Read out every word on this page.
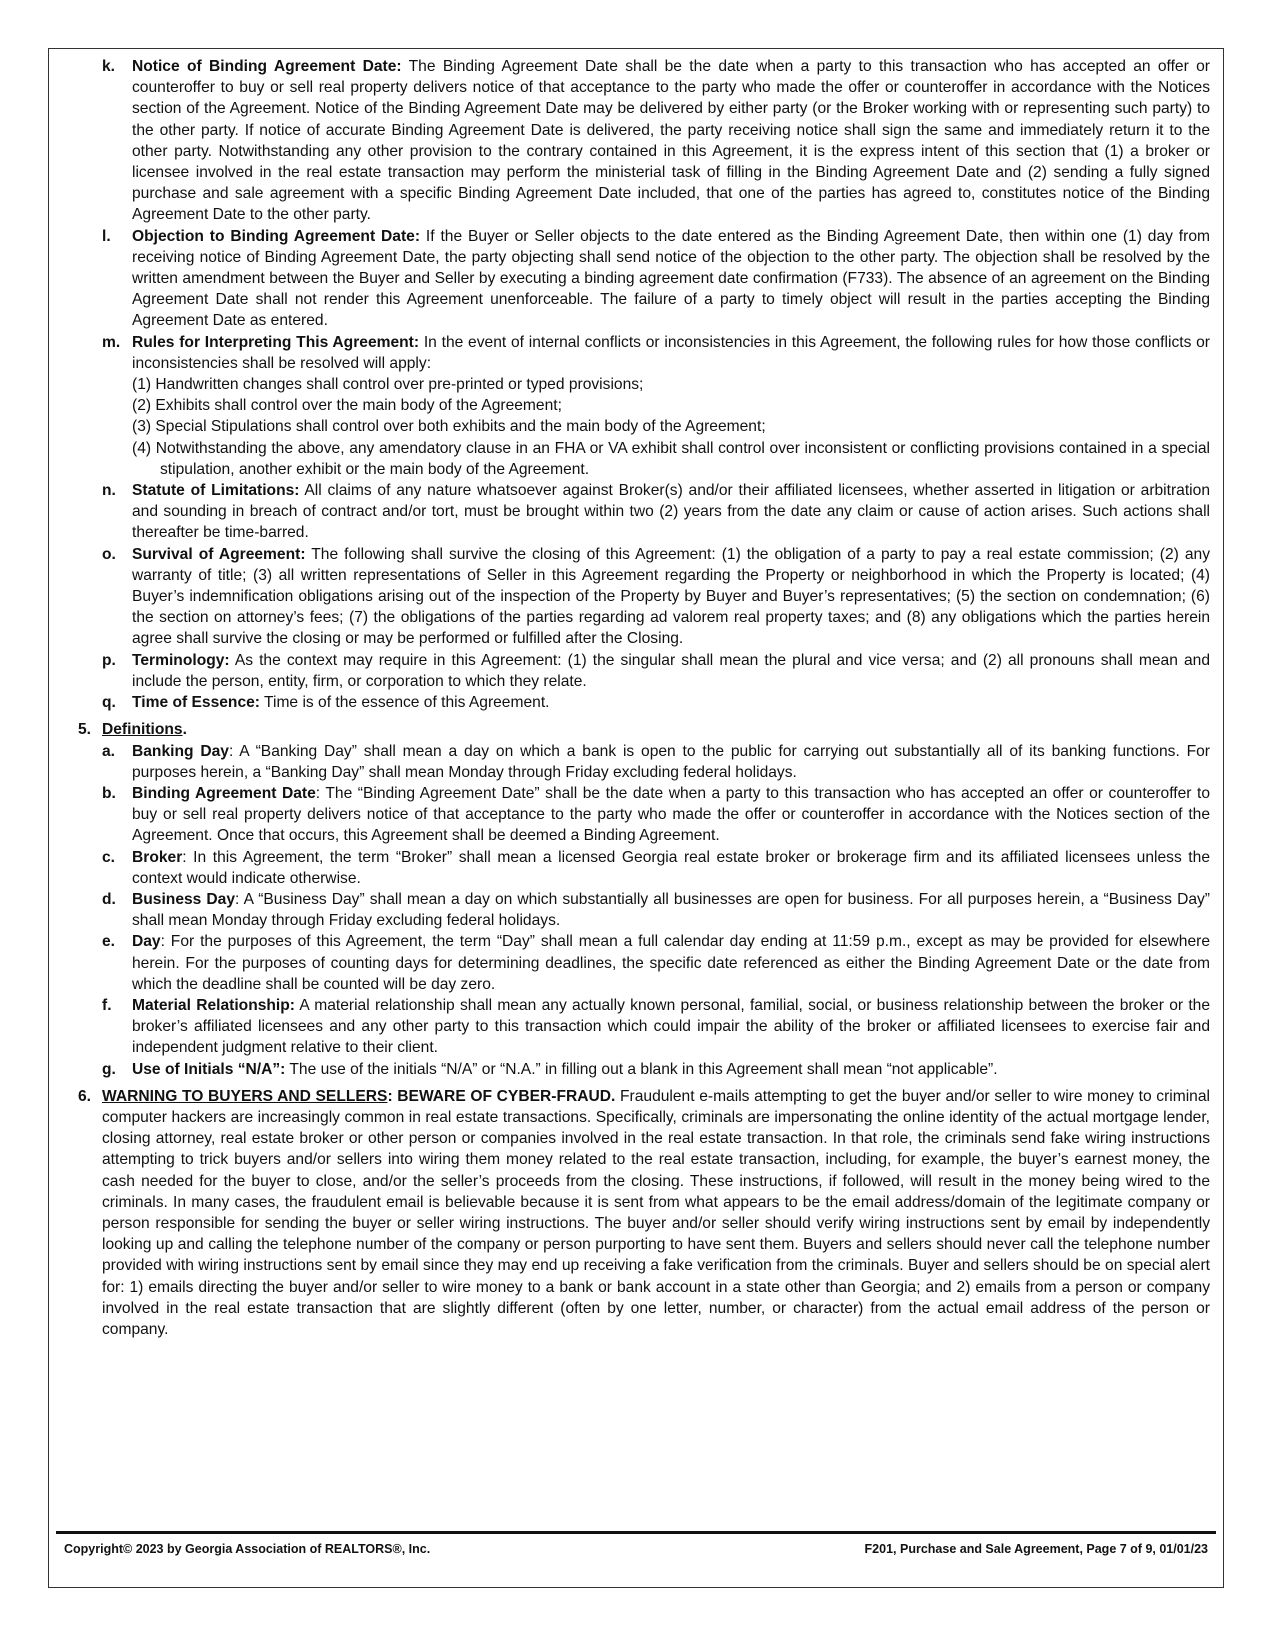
k. Notice of Binding Agreement Date: The Binding Agreement Date shall be the date when a party to this transaction who has accepted an offer or counteroffer to buy or sell real property delivers notice of that acceptance to the party who made the offer or counteroffer in accordance with the Notices section of the Agreement. Notice of the Binding Agreement Date may be delivered by either party (or the Broker working with or representing such party) to the other party. If notice of accurate Binding Agreement Date is delivered, the party receiving notice shall sign the same and immediately return it to the other party. Notwithstanding any other provision to the contrary contained in this Agreement, it is the express intent of this section that (1) a broker or licensee involved in the real estate transaction may perform the ministerial task of filling in the Binding Agreement Date and (2) sending a fully signed purchase and sale agreement with a specific Binding Agreement Date included, that one of the parties has agreed to, constitutes notice of the Binding Agreement Date to the other party.
l. Objection to Binding Agreement Date: If the Buyer or Seller objects to the date entered as the Binding Agreement Date, then within one (1) day from receiving notice of Binding Agreement Date, the party objecting shall send notice of the objection to the other party. The objection shall be resolved by the written amendment between the Buyer and Seller by executing a binding agreement date confirmation (F733). The absence of an agreement on the Binding Agreement Date shall not render this Agreement unenforceable. The failure of a party to timely object will result in the parties accepting the Binding Agreement Date as entered.
m. Rules for Interpreting This Agreement: In the event of internal conflicts or inconsistencies in this Agreement, the following rules for how those conflicts or inconsistencies shall be resolved will apply:
(1) Handwritten changes shall control over pre-printed or typed provisions;
(2) Exhibits shall control over the main body of the Agreement;
(3) Special Stipulations shall control over both exhibits and the main body of the Agreement;
(4) Notwithstanding the above, any amendatory clause in an FHA or VA exhibit shall control over inconsistent or conflicting provisions contained in a special stipulation, another exhibit or the main body of the Agreement.
n. Statute of Limitations: All claims of any nature whatsoever against Broker(s) and/or their affiliated licensees, whether asserted in litigation or arbitration and sounding in breach of contract and/or tort, must be brought within two (2) years from the date any claim or cause of action arises. Such actions shall thereafter be time-barred.
o. Survival of Agreement: The following shall survive the closing of this Agreement: (1) the obligation of a party to pay a real estate commission; (2) any warranty of title; (3) all written representations of Seller in this Agreement regarding the Property or neighborhood in which the Property is located; (4) Buyer’s indemnification obligations arising out of the inspection of the Property by Buyer and Buyer’s representatives; (5) the section on condemnation; (6) the section on attorney’s fees; (7) the obligations of the parties regarding ad valorem real property taxes; and (8) any obligations which the parties herein agree shall survive the closing or may be performed or fulfilled after the Closing.
p. Terminology: As the context may require in this Agreement: (1) the singular shall mean the plural and vice versa; and (2) all pronouns shall mean and include the person, entity, firm, or corporation to which they relate.
q. Time of Essence: Time is of the essence of this Agreement.
5. Definitions.
a. Banking Day: A “Banking Day” shall mean a day on which a bank is open to the public for carrying out substantially all of its banking functions. For purposes herein, a “Banking Day” shall mean Monday through Friday excluding federal holidays.
b. Binding Agreement Date: The “Binding Agreement Date” shall be the date when a party to this transaction who has accepted an offer or counteroffer to buy or sell real property delivers notice of that acceptance to the party who made the offer or counteroffer in accordance with the Notices section of the Agreement. Once that occurs, this Agreement shall be deemed a Binding Agreement.
c. Broker: In this Agreement, the term “Broker” shall mean a licensed Georgia real estate broker or brokerage firm and its affiliated licensees unless the context would indicate otherwise.
d. Business Day: A “Business Day” shall mean a day on which substantially all businesses are open for business. For all purposes herein, a “Business Day” shall mean Monday through Friday excluding federal holidays.
e. Day: For the purposes of this Agreement, the term “Day” shall mean a full calendar day ending at 11:59 p.m., except as may be provided for elsewhere herein. For the purposes of counting days for determining deadlines, the specific date referenced as either the Binding Agreement Date or the date from which the deadline shall be counted will be day zero.
f. Material Relationship: A material relationship shall mean any actually known personal, familial, social, or business relationship between the broker or the broker’s affiliated licensees and any other party to this transaction which could impair the ability of the broker or affiliated licensees to exercise fair and independent judgment relative to their client.
g. Use of Initials “N/A”: The use of the initials “N/A” or “N.A.” in filling out a blank in this Agreement shall mean “not applicable”.
6. WARNING TO BUYERS AND SELLERS: BEWARE OF CYBER-FRAUD. Fraudulent e-mails attempting to get the buyer and/or seller to wire money to criminal computer hackers are increasingly common in real estate transactions. Specifically, criminals are impersonating the online identity of the actual mortgage lender, closing attorney, real estate broker or other person or companies involved in the real estate transaction. In that role, the criminals send fake wiring instructions attempting to trick buyers and/or sellers into wiring them money related to the real estate transaction, including, for example, the buyer’s earnest money, the cash needed for the buyer to close, and/or the seller’s proceeds from the closing. These instructions, if followed, will result in the money being wired to the criminals. In many cases, the fraudulent email is believable because it is sent from what appears to be the email address/domain of the legitimate company or person responsible for sending the buyer or seller wiring instructions. The buyer and/or seller should verify wiring instructions sent by email by independently looking up and calling the telephone number of the company or person purporting to have sent them. Buyers and sellers should never call the telephone number provided with wiring instructions sent by email since they may end up receiving a fake verification from the criminals. Buyer and sellers should be on special alert for: 1) emails directing the buyer and/or seller to wire money to a bank or bank account in a state other than Georgia; and 2) emails from a person or company involved in the real estate transaction that are slightly different (often by one letter, number, or character) from the actual email address of the person or company.
Copyright© 2023 by Georgia Association of REALTORS®, Inc.	F201, Purchase and Sale Agreement, Page 7 of 9, 01/01/23
